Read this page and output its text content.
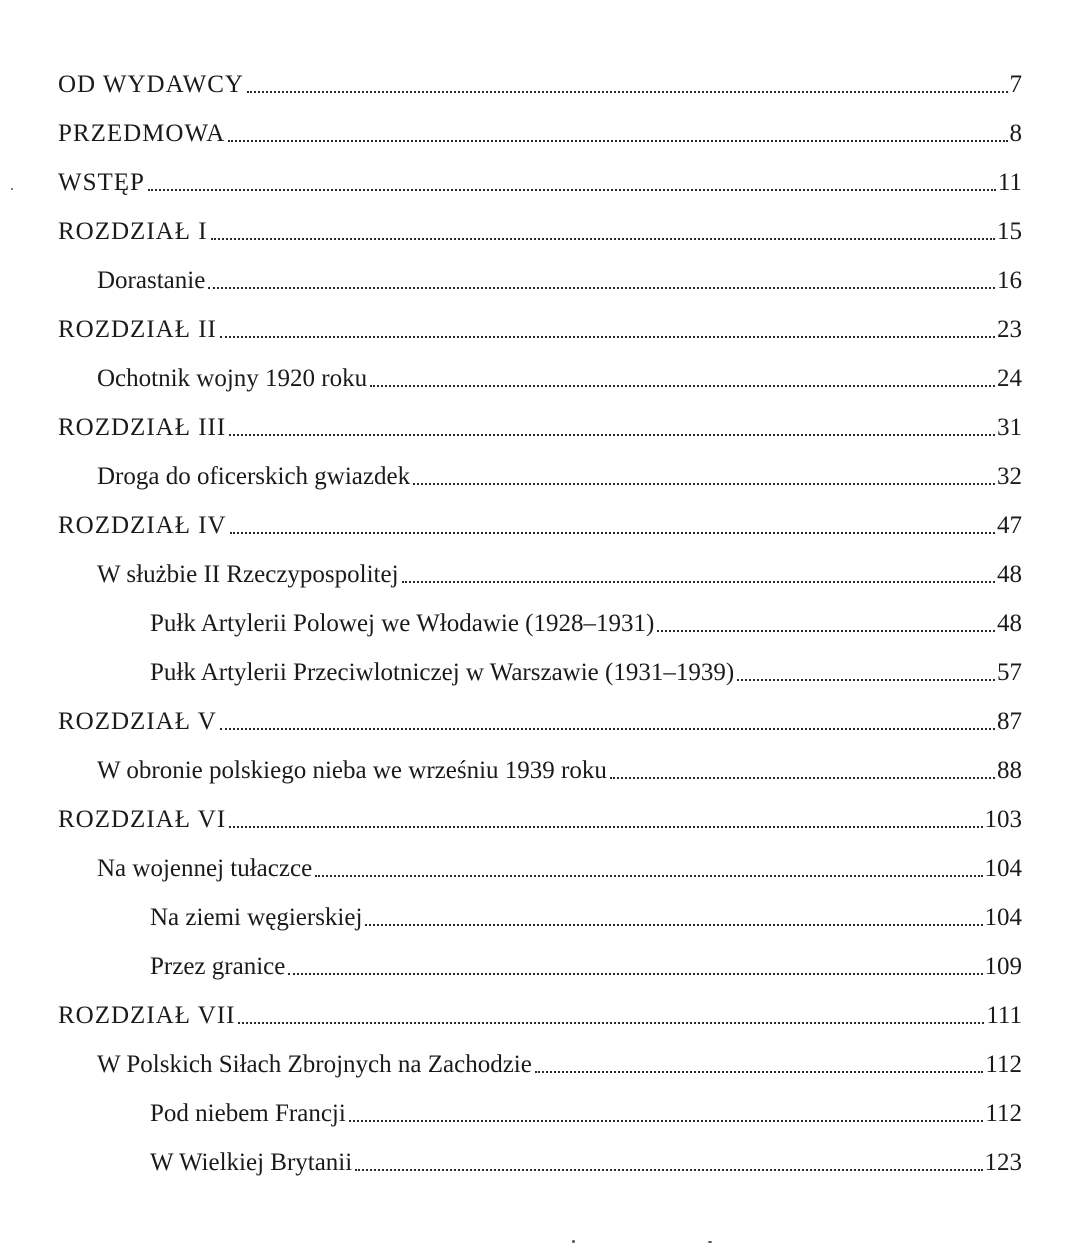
OD WYDAWCY	7
PRZEDMOWA	8
WSTĘP	11
ROZDZIAŁ I	15
Dorastanie	16
ROZDZIAŁ II	23
Ochotnik wojny 1920 roku	24
ROZDZIAŁ III	31
Droga do oficerskich gwiazdek	32
ROZDZIAŁ IV	47
W służbie II Rzeczypospolitej	48
Pułk Artylerii Polowej we Włodawie (1928–1931)	48
Pułk Artylerii Przeciwlotniczej w Warszawie (1931–1939)	57
ROZDZIAŁ V	87
W obronie polskiego nieba we wrześniu 1939 roku	88
ROZDZIAŁ VI	103
Na wojennej tułaczce	104
Na ziemi węgierskiej	104
Przez granice	109
ROZDZIAŁ VII	111
W Polskich Siłach Zbrojnych na Zachodzie	112
Pod niebem Francji	112
W Wielkiej Brytanii	123
